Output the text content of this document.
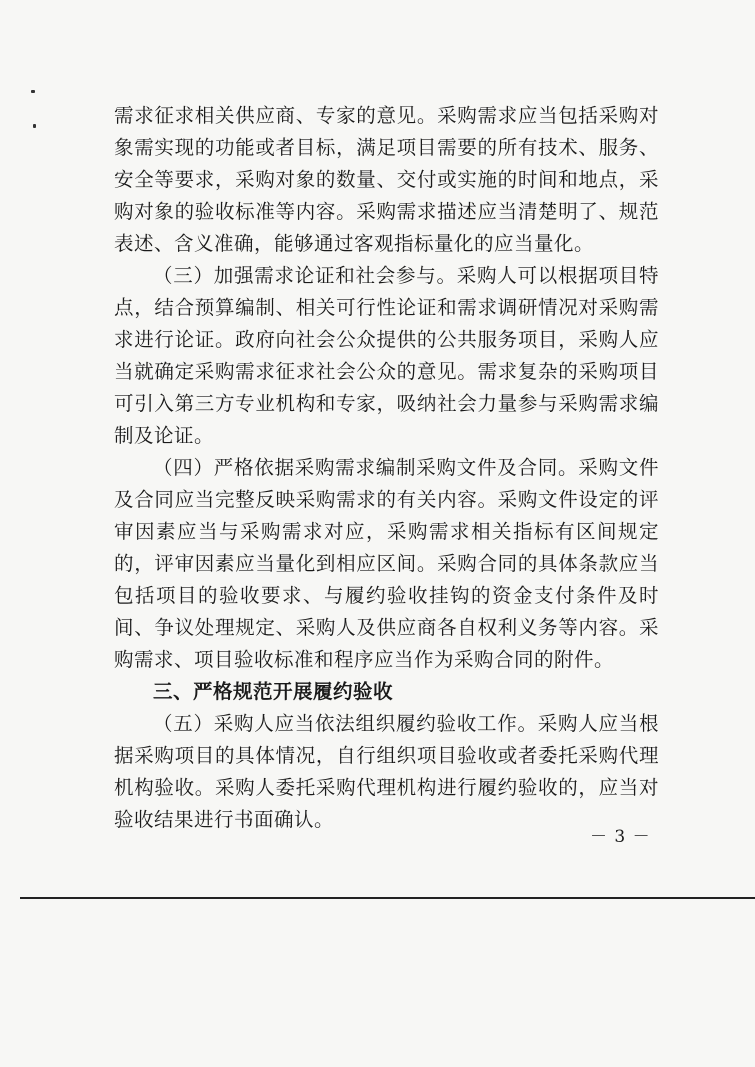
需求征求相关供应商、专家的意见。采购需求应当包括采购对象需实现的功能或者目标，满足项目需要的所有技术、服务、安全等要求，采购对象的数量、交付或实施的时间和地点，采购对象的验收标准等内容。采购需求描述应当清楚明了、规范表述、含义准确，能够通过客观指标量化的应当量化。

（三）加强需求论证和社会参与。采购人可以根据项目特点，结合预算编制、相关可行性论证和需求调研情况对采购需求进行论证。政府向社会公众提供的公共服务项目，采购人应当就确定采购需求征求社会公众的意见。需求复杂的采购项目可引入第三方专业机构和专家，吸纳社会力量参与采购需求编制及论证。

（四）严格依据采购需求编制采购文件及合同。采购文件及合同应当完整反映采购需求的有关内容。采购文件设定的评审因素应当与采购需求对应，采购需求相关指标有区间规定的，评审因素应当量化到相应区间。采购合同的具体条款应当包括项目的验收要求、与履约验收挂钩的资金支付条件及时间、争议处理规定、采购人及供应商各自权利义务等内容。采购需求、项目验收标准和程序应当作为采购合同的附件。

三、严格规范开展履约验收

（五）采购人应当依法组织履约验收工作。采购人应当根据采购项目的具体情况，自行组织项目验收或者委托采购代理机构验收。采购人委托采购代理机构进行履约验收的，应当对验收结果进行书面确认。

－ 3 －
